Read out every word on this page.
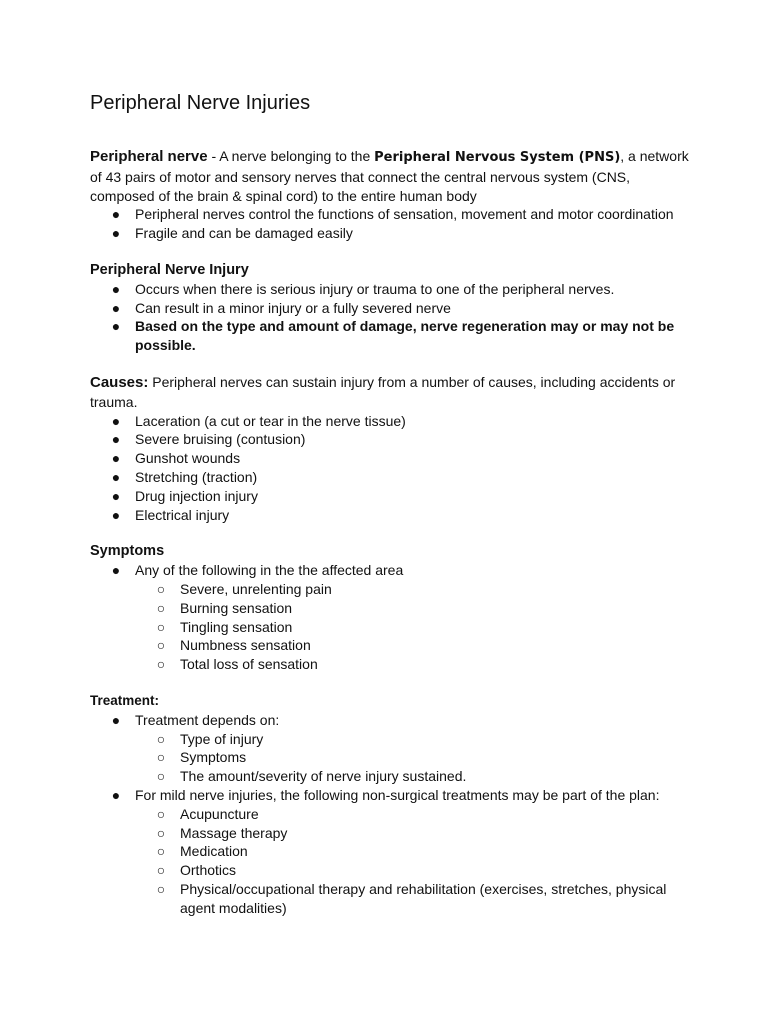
Peripheral Nerve Injuries

Peripheral nerve - A nerve belonging to the Peripheral Nervous System (PNS), a network of 43 pairs of motor and sensory nerves that connect the central nervous system (CNS, composed of the brain & spinal cord) to the entire human body

● Peripheral nerves control the functions of sensation, movement and motor coordination
● Fragile and can be damaged easily
Peripheral Nerve Injury
● Occurs when there is serious injury or trauma to one of the peripheral nerves.
● Can result in a minor injury or a fully severed nerve
● Based on the type and amount of damage, nerve regeneration may or may not be possible.

Causes: Peripheral nerves can sustain injury from a number of causes, including accidents or trauma.

● Laceration (a cut or tear in the nerve tissue)
● Severe bruising (contusion)
● Gunshot wounds
● Stretching (traction)
● Drug injection injury
● Electrical injury
Symptoms
● Any of the following in the the affected area
○ Severe, unrelenting pain
○ Burning sensation
○ Tingling sensation
○ Numbness sensation
○ Total loss of sensation
Treatment:
● Treatment depends on:
○ Type of injury
○ Symptoms
○ The amount/severity of nerve injury sustained.
● For mild nerve injuries, the following non-surgical treatments may be part of the plan:
○ Acupuncture
○ Massage therapy
○ Medication
○ Orthotics
○ Physical/occupational therapy and rehabilitation (exercises, stretches, physical agent modalities)
